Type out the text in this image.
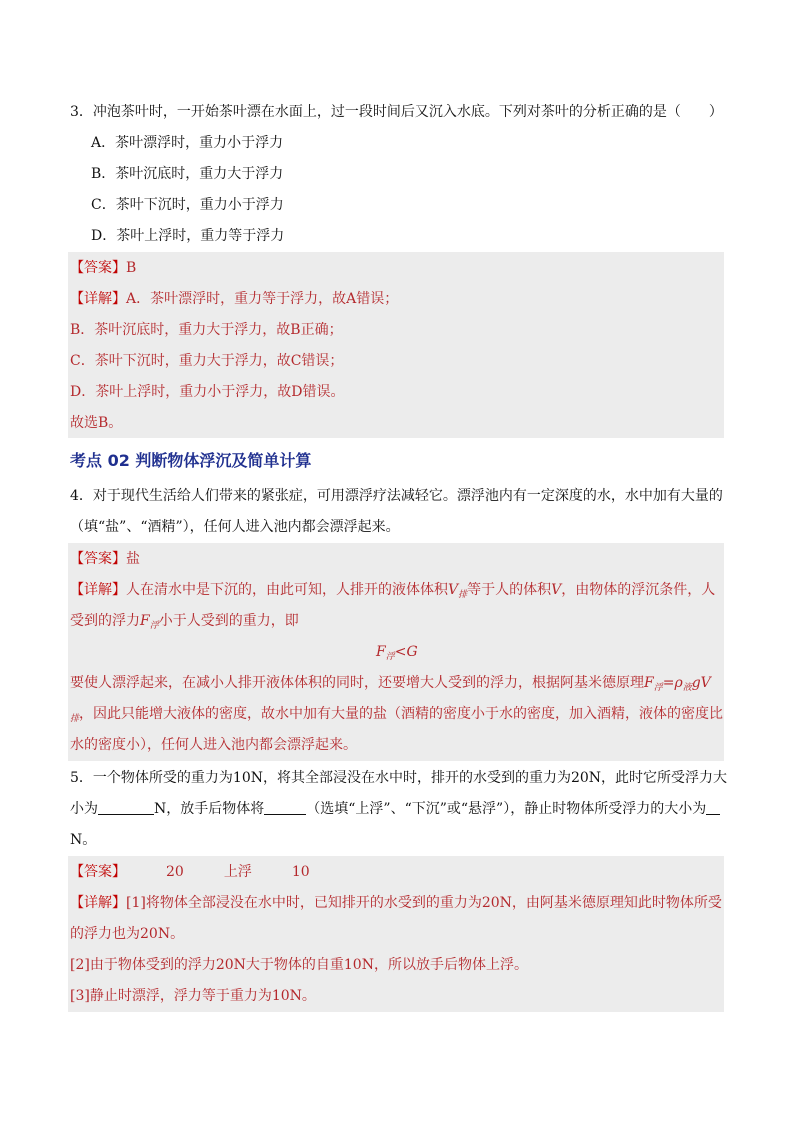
3．冲泡茶叶时，一开始茶叶漂在水面上，过一段时间后又沉入水底。下列对茶叶的分析正确的是（　　）
A．茶叶漂浮时，重力小于浮力
B．茶叶沉底时，重力大于浮力
C．茶叶下沉时，重力小于浮力
D．茶叶上浮时，重力等于浮力
【答案】B
【详解】A．茶叶漂浮时，重力等于浮力，故A错误；
B．茶叶沉底时，重力大于浮力，故B正确；
C．茶叶下沉时，重力大于浮力，故C错误；
D．茶叶上浮时，重力小于浮力，故D错误。
故选B。
考点 02 判断物体浮沉及简单计算
4．对于现代生活给人们带来的紧张症，可用漂浮疗法减轻它。漂浮池内有一定深度的水，水中加有大量的
（填“盐”、“酒精”），任何人进入池内都会漂浮起来。
【答案】盐
【详解】人在清水中是下沉的，由此可知，人排开的液体体积$V_排$等于人的体积V，由物体的浮沉条件，人
受到的浮力$F_浮$小于人受到的重力，即
$F_浮<G$
要使人漂浮起来，在减小人排开液体体积的同时，还要增大人受到的浮力，根据阿基米德原理$F_浮=\rho_液gV$
$_排$，因此只能增大液体的密度，故水中加有大量的盐（酒精的密度小于水的密度，加入酒精，液体的密度比
水的密度小），任何人进入池内都会漂浮起来。
5．一个物体所受的重力为10N，将其全部浸没在水中时，排开的水受到的重力为20N，此时它所受浮力大
小为	N，放手后物体将	（选填“上浮”、“下沉”或“悬浮”），静止时物体所受浮力的大小为
N。
【答案】	20	上浮	10
【详解】[1]将物体全部浸没在水中时，已知排开的水受到的重力为20N，由阿基米德原理知此时物体所受
的浮力也为20N。
[2]由于物体受到的浮力20N大于物体的自重10N，所以放手后物体上浮。
[3]静止时漂浮，浮力等于重力为10N。
